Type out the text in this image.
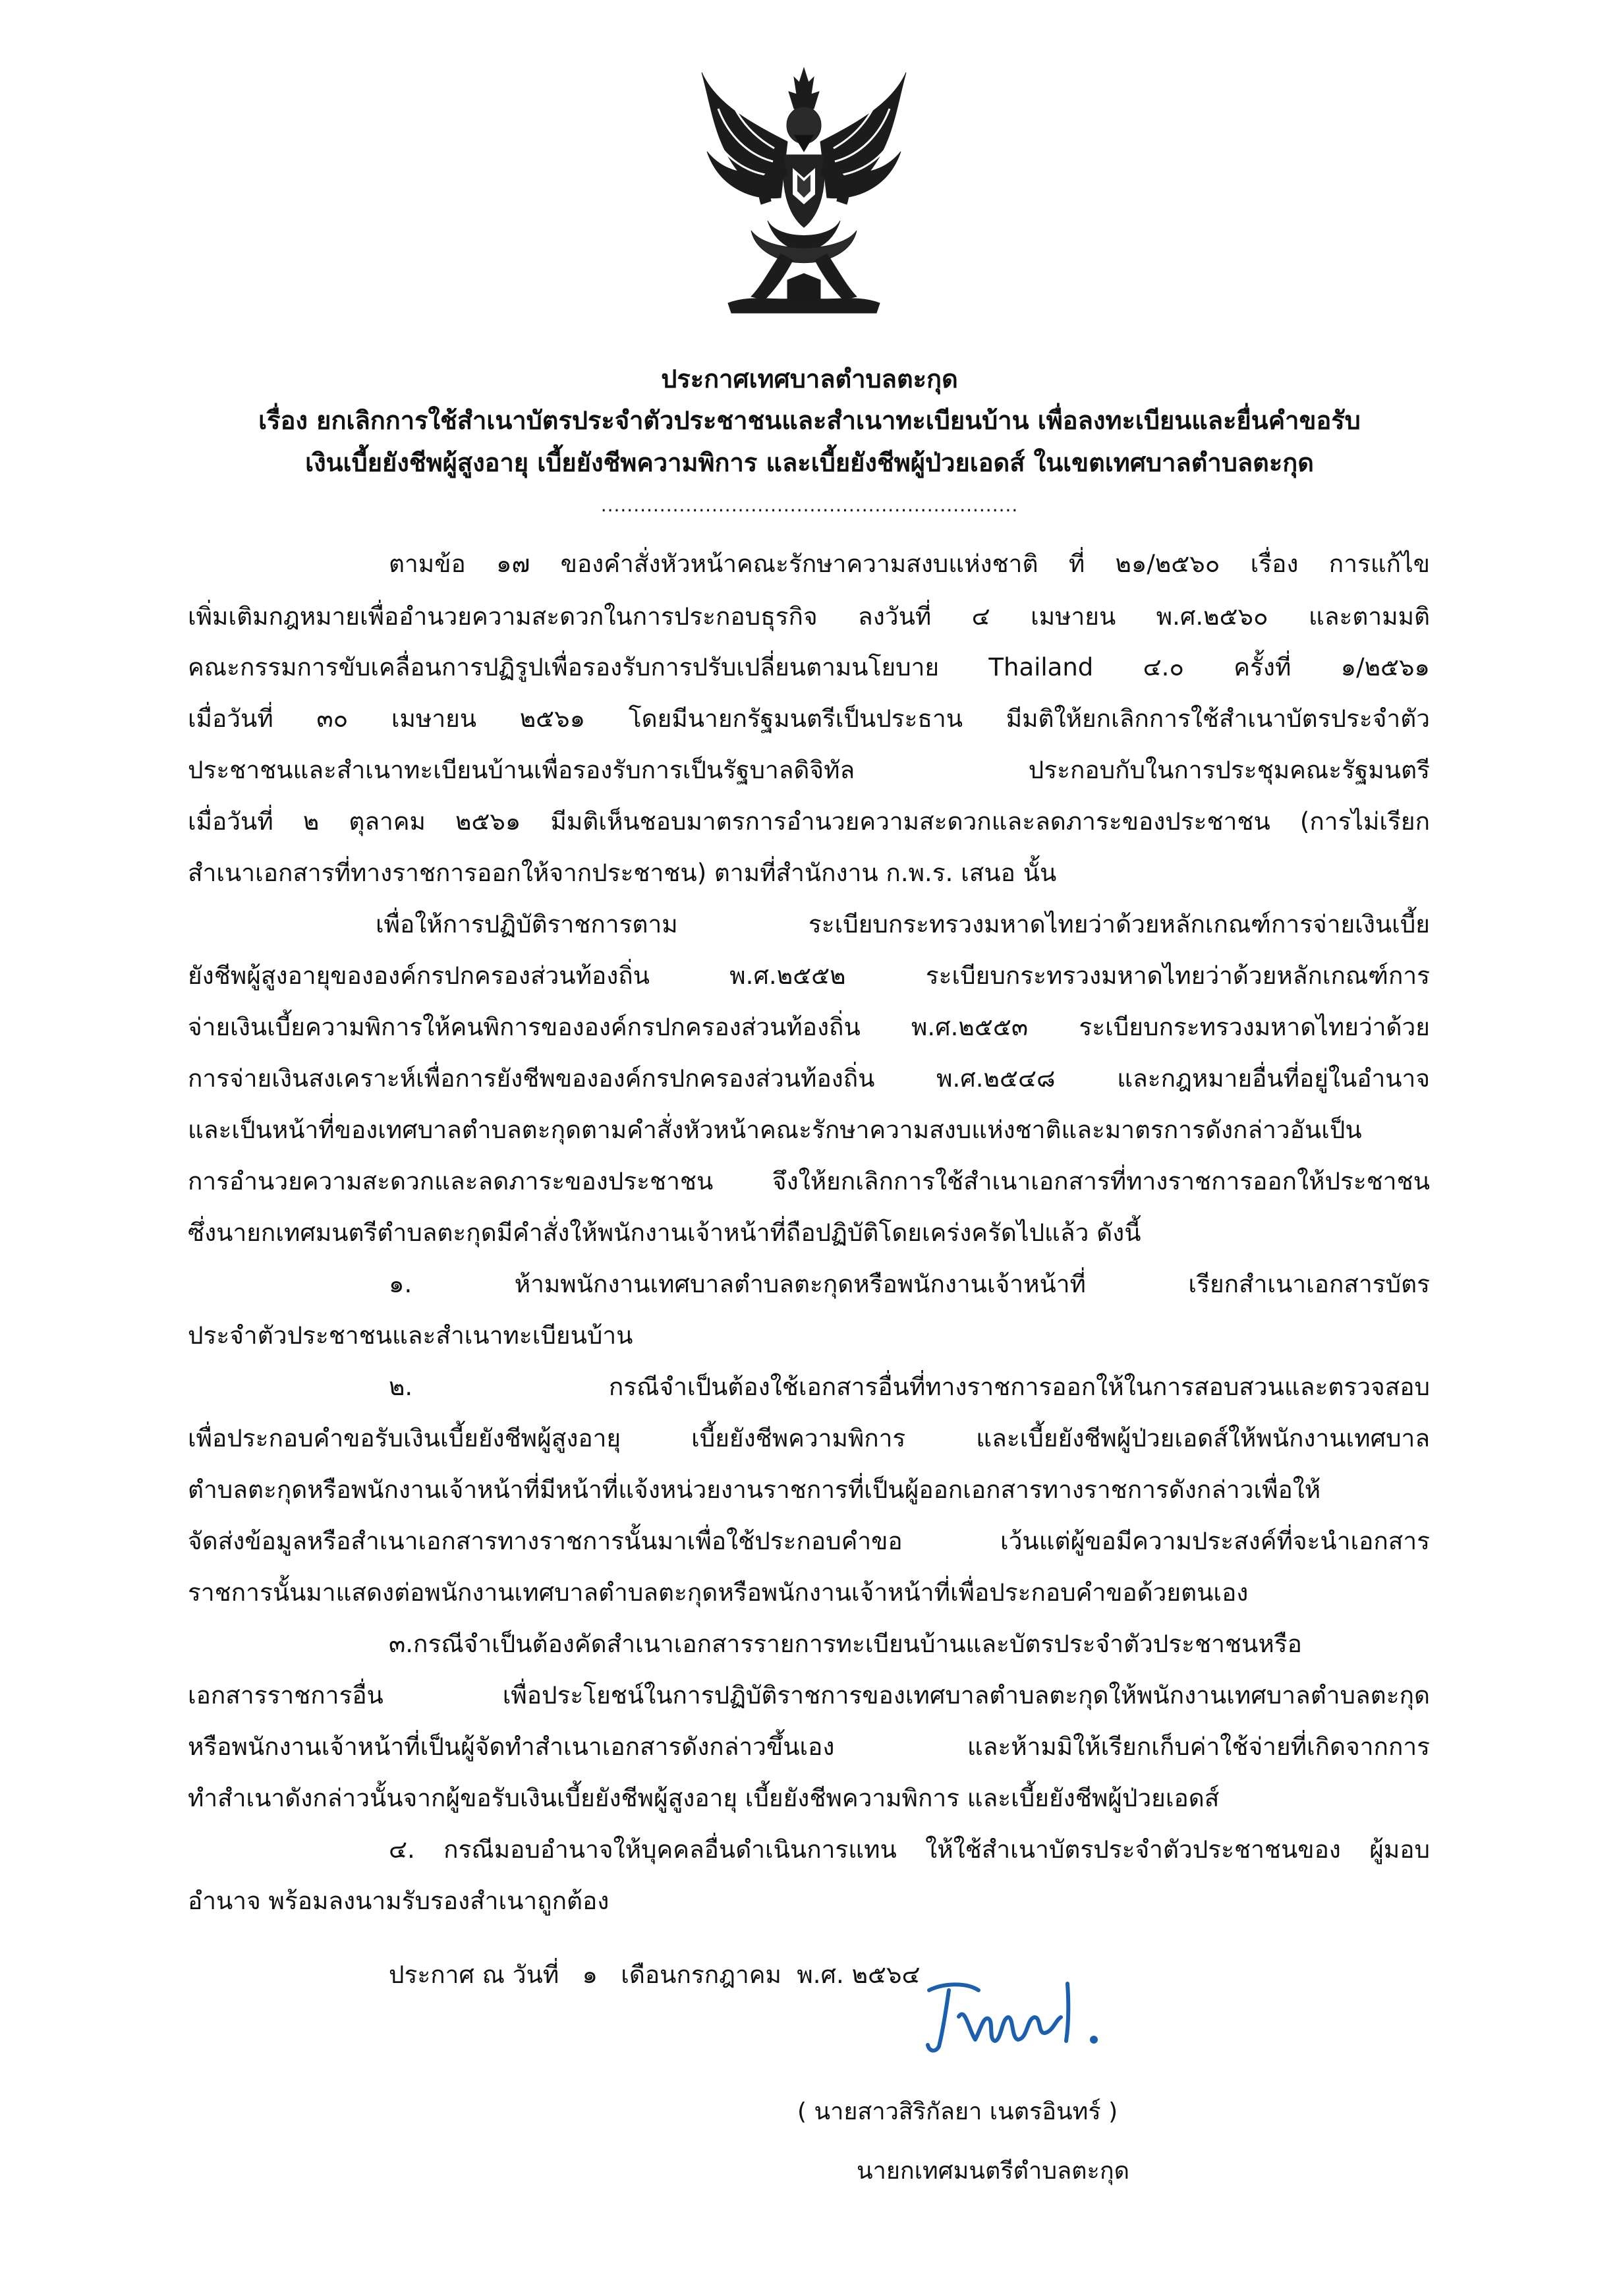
ประกาศเทศบาลตำบลตะกุด
เรื่อง ยกเลิกการใช้สำเนาบัตรประจำตัวประชาชนและสำเนาทะเบียนบ้าน เพื่อลงทะเบียนและยื่นคำขอรับ
เงินเบี้ยยังชีพผู้สูงอายุ เบี้ยยังชีพความพิการ และเบี้ยยังชีพผู้ป่วยเอดส์ ในเขตเทศบาลตำบลตะกุด
................................................................
ตามข้อ ๑๗ ของคำสั่งหัวหน้าคณะรักษาความสงบแห่งชาติ ที่ ๒๑/๒๕๖๐ เรื่อง การแก้ไข
เพิ่มเติมกฎหมายเพื่ออำนวยความสะดวกในการประกอบธุรกิจ ลงวันที่ ๔ เมษายน พ.ศ.๒๕๖๐ และตามมติ
คณะกรรมการขับเคลื่อนการปฏิรูปเพื่อรองรับการปรับเปลี่ยนตามนโยบาย Thailand ๔.๐ ครั้งที่ ๑/๒๕๖๑
เมื่อวันที่ ๓๐ เมษายน ๒๕๖๑ โดยมีนายกรัฐมนตรีเป็นประธาน มีมติให้ยกเลิกการใช้สำเนาบัตรประจำตัว
ประชาชนและสำเนาทะเบียนบ้านเพื่อรองรับการเป็นรัฐบาลดิจิทัล ประกอบกับในการประชุมคณะรัฐมนตรี
เมื่อวันที่ ๒ ตุลาคม ๒๕๖๑ มีมติเห็นชอบมาตรการอำนวยความสะดวกและลดภาระของประชาชน (การไม่เรียก
สำเนาเอกสารที่ทางราชการออกให้จากประชาชน) ตามที่สำนักงาน ก.พ.ร. เสนอ นั้น
เพื่อให้การปฏิบัติราชการตาม ระเบียบกระทรวงมหาดไทยว่าด้วยหลักเกณฑ์การจ่ายเงินเบี้ย
ยังชีพผู้สูงอายุขององค์กรปกครองส่วนท้องถิ่น พ.ศ.๒๕๕๒ ระเบียบกระทรวงมหาดไทยว่าด้วยหลักเกณฑ์การ
จ่ายเงินเบี้ยความพิการให้คนพิการขององค์กรปกครองส่วนท้องถิ่น พ.ศ.๒๕๕๓ ระเบียบกระทรวงมหาดไทยว่าด้วย
การจ่ายเงินสงเคราะห์เพื่อการยังชีพขององค์กรปกครองส่วนท้องถิ่น พ.ศ.๒๕๔๘ และกฎหมายอื่นที่อยู่ในอำนาจ
และเป็นหน้าที่ของเทศบาลตำบลตะกุดตามคำสั่งหัวหน้าคณะรักษาความสงบแห่งชาติและมาตรการดังกล่าวอันเป็น
การอำนวยความสะดวกและลดภาระของประชาชน จึงให้ยกเลิกการใช้สำเนาเอกสารที่ทางราชการออกให้ประชาชน
ซึ่งนายกเทศมนตรีตำบลตะกุดมีคำสั่งให้พนักงานเจ้าหน้าที่ถือปฏิบัติโดยเคร่งครัดไปแล้ว ดังนี้
๑. ห้ามพนักงานเทศบาลตำบลตะกุดหรือพนักงานเจ้าหน้าที่ เรียกสำเนาเอกสารบัตร
ประจำตัวประชาชนและสำเนาทะเบียนบ้าน
๒. กรณีจำเป็นต้องใช้เอกสารอื่นที่ทางราชการออกให้ในการสอบสวนและตรวจสอบ
เพื่อประกอบคำขอรับเงินเบี้ยยังชีพผู้สูงอายุ เบี้ยยังชีพความพิการ และเบี้ยยังชีพผู้ป่วยเอดส์ให้พนักงานเทศบาล
ตำบลตะกุดหรือพนักงานเจ้าหน้าที่มีหน้าที่แจ้งหน่วยงานราชการที่เป็นผู้ออกเอกสารทางราชการดังกล่าวเพื่อให้
จัดส่งข้อมูลหรือสำเนาเอกสารทางราชการนั้นมาเพื่อใช้ประกอบคำขอ เว้นแต่ผู้ขอมีความประสงค์ที่จะนำเอกสาร
ราชการนั้นมาแสดงต่อพนักงานเทศบาลตำบลตะกุดหรือพนักงานเจ้าหน้าที่เพื่อประกอบคำขอด้วยตนเอง
๓.กรณีจำเป็นต้องคัดสำเนาเอกสารรายการทะเบียนบ้านและบัตรประจำตัวประชาชนหรือ
เอกสารราชการอื่น เพื่อประโยชน์ในการปฏิบัติราชการของเทศบาลตำบลตะกุดให้พนักงานเทศบาลตำบลตะกุด
หรือพนักงานเจ้าหน้าที่เป็นผู้จัดทำสำเนาเอกสารดังกล่าวขึ้นเอง และห้ามมิให้เรียกเก็บค่าใช้จ่ายที่เกิดจากการ
ทำสำเนาดังกล่าวนั้นจากผู้ขอรับเงินเบี้ยยังชีพผู้สูงอายุ เบี้ยยังชีพความพิการ และเบี้ยยังชีพผู้ป่วยเอดส์
๔. กรณีมอบอำนาจให้บุคคลอื่นดำเนินการแทน ให้ใช้สำเนาบัตรประจำตัวประชาชนของ ผู้มอบ
อำนาจ พร้อมลงนามรับรองสำเนาถูกต้อง
ประกาศ ณ วันที่   ๑   เดือนกรกฎาคม  พ.ศ. ๒๕๖๔
( นายสาวสิริกัลยา เนตรอินทร์ )
นายกเทศมนตรีตำบลตะกุด
